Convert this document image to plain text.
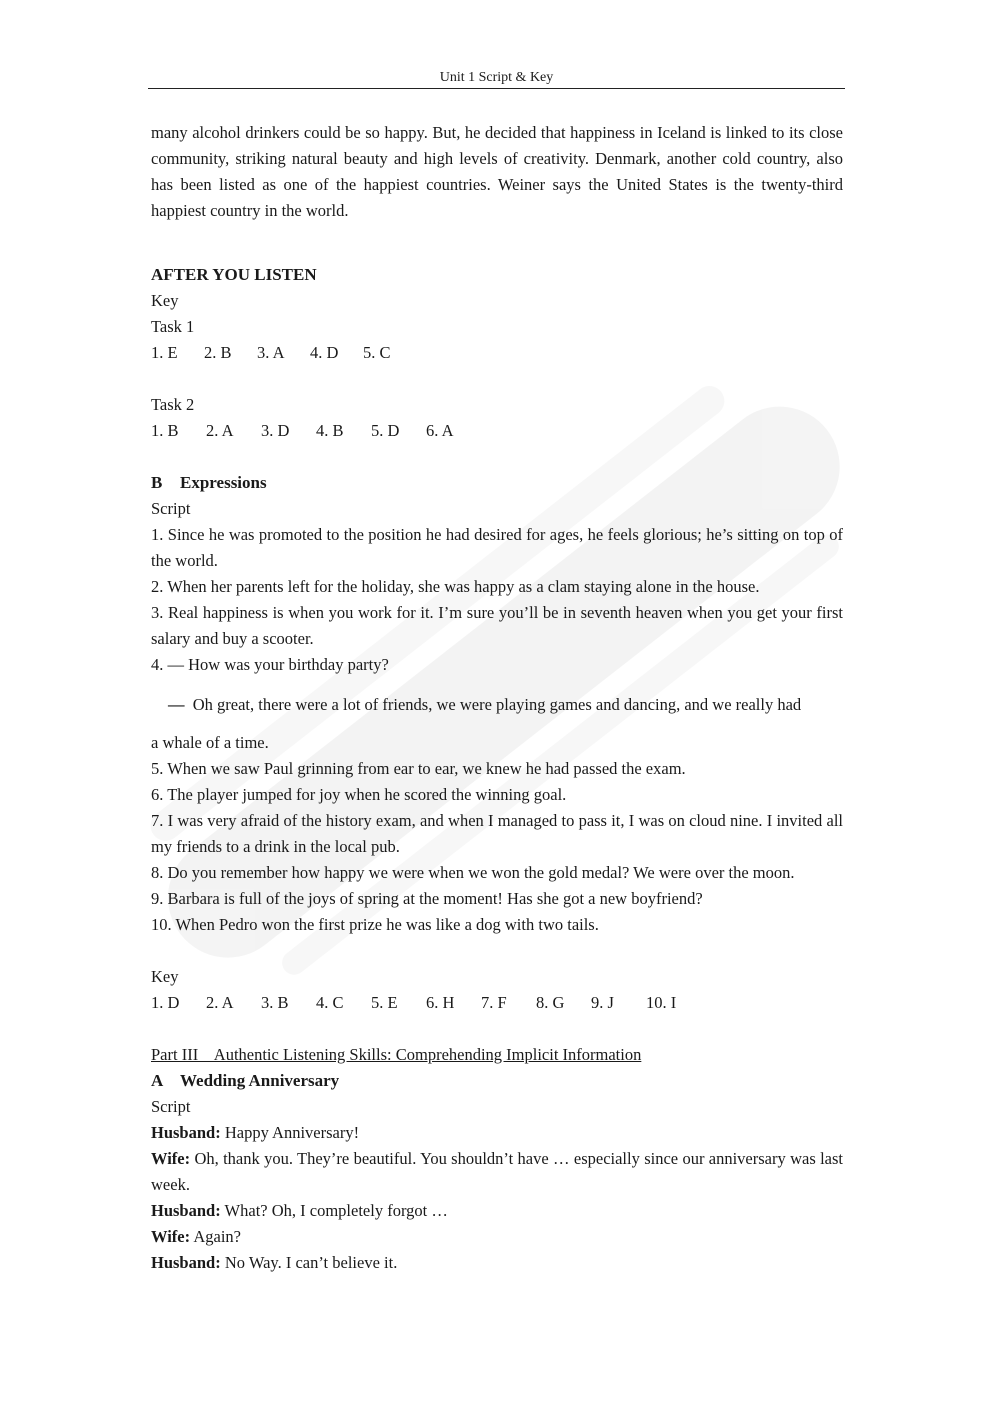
Unit 1 Script & Key

many alcohol drinkers could be so happy. But, he decided that happiness in Iceland is linked to its close community, striking natural beauty and high levels of creativity. Denmark, another cold country, also has been listed as one of the happiest countries. Weiner says the United States is the twenty-third happiest country in the world.

AFTER YOU LISTEN

Key

Task 1

1. E 2. B 3. A 4. D 5. C

Task 2

1. B 2. A 3. D 4. B 5. D 6. A

B Expressions

Script

1. Since he was promoted to the position he had desired for ages, he feels glorious; he’s sitting on top of the world.

2. When her parents left for the holiday, she was happy as a clam staying alone in the house.

3. Real happiness is when you work for it. I’m sure you’ll be in seventh heaven when you get your first salary and buy a scooter.

4. — How was your birthday party?

— Oh great, there were a lot of friends, we were playing games and dancing, and we really had

a whale of a time.

5. When we saw Paul grinning from ear to ear, we knew he had passed the exam.

6. The player jumped for joy when he scored the winning goal.

7. I was very afraid of the history exam, and when I managed to pass it, I was on cloud nine. I invited all my friends to a drink in the local pub.

8. Do you remember how happy we were when we won the gold medal? We were over the moon.

9. Barbara is full of the joys of spring at the moment! Has she got a new boyfriend?

10. When Pedro won the first prize he was like a dog with two tails.

Key

1. D 2. A 3. B 4. C 5. E 6. H 7. F 8. G 9. J 10. I

Part III    Authentic Listening Skills: Comprehending Implicit Information

A Wedding Anniversary

Script

Husband: Happy Anniversary!

Wife: Oh, thank you. They’re beautiful. You shouldn’t have … especially since our anniversary was last week.

Husband: What? Oh, I completely forgot …

Wife: Again?

Husband: No Way. I can’t believe it.
